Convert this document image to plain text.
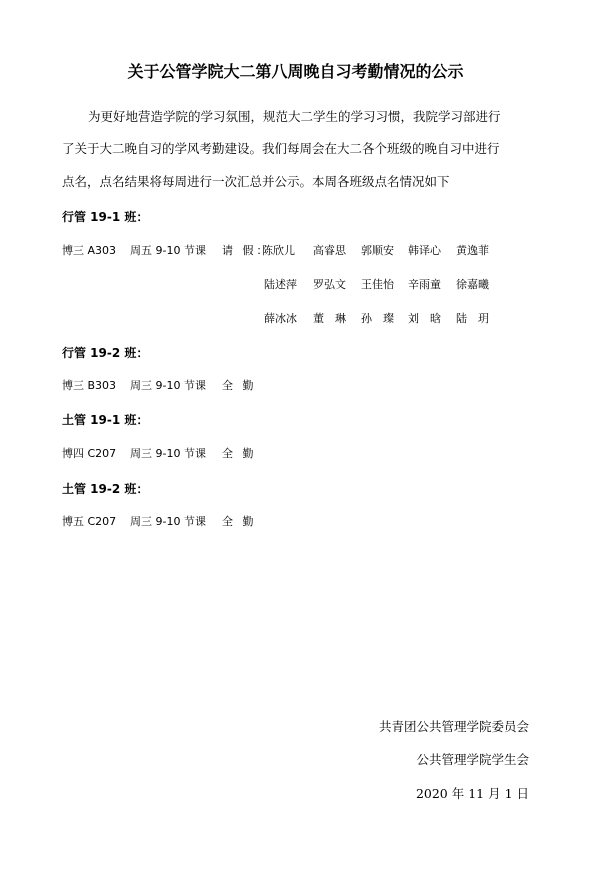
关于公管学院大二第八周晚自习考勤情况的公示
为更好地营造学院的学习氛围，规范大二学生的学习习惯，我院学习部进行
了关于大二晚自习的学风考勤建设。我们每周会在大二各个班级的晚自习中进行
点名，点名结果将每周进行一次汇总并公示。本周各班级点名情况如下
行管 19-1 班：
博三 A303 周五 9-10 节课 请 假：
陈欣儿 高睿思 郭顺安 韩译心 黄逸菲
陆述萍 罗弘文 王佳怡 辛雨童 徐嘉曦
薛冰冰 董　琳 孙　璨 刘　晗 陆　玥
行管 19-2 班：
博三 B303 周三 9-10 节课 全 勤
土管 19-1 班：
博四 C207 周三 9-10 节课 全 勤
土管 19-2 班：
博五 C207 周三 9-10 节课 全 勤
共青团公共管理学院委员会
公共管理学院学生会
2020 年 11 月 1 日
